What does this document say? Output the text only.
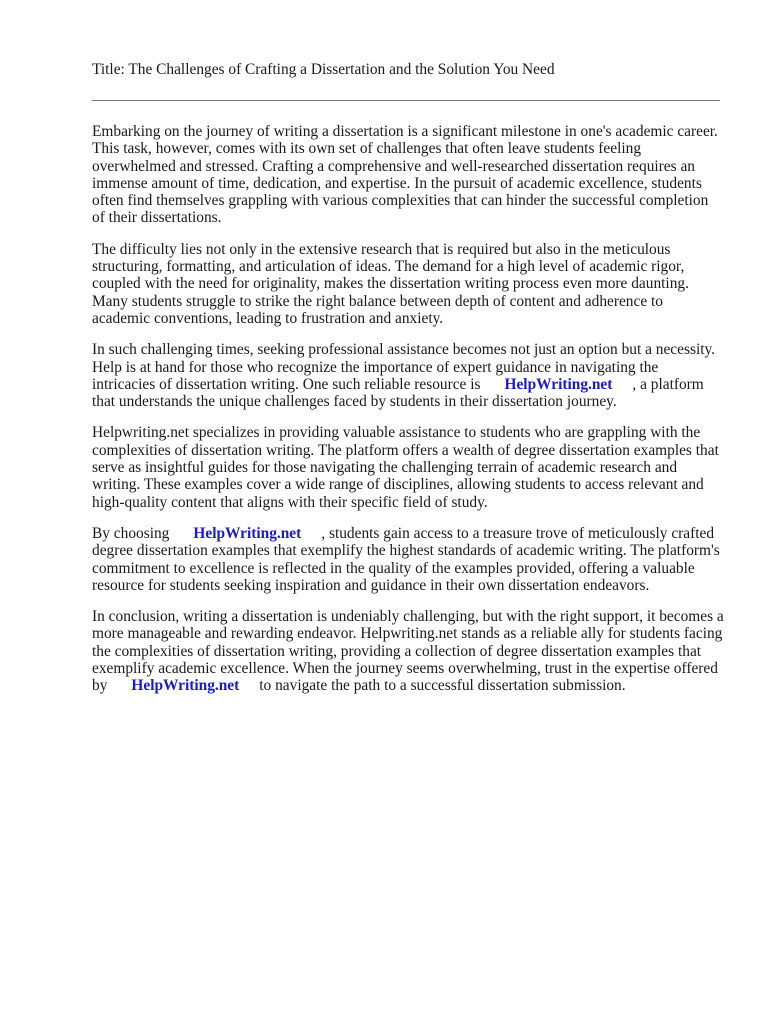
Title: The Challenges of Crafting a Dissertation and the Solution You Need

Embarking on the journey of writing a dissertation is a significant milestone in one's academic career. This task, however, comes with its own set of challenges that often leave students feeling overwhelmed and stressed. Crafting a comprehensive and well-researched dissertation requires an immense amount of time, dedication, and expertise. In the pursuit of academic excellence, students often find themselves grappling with various complexities that can hinder the successful completion of their dissertations.

The difficulty lies not only in the extensive research that is required but also in the meticulous structuring, formatting, and articulation of ideas. The demand for a high level of academic rigor, coupled with the need for originality, makes the dissertation writing process even more daunting. Many students struggle to strike the right balance between depth of content and adherence to academic conventions, leading to frustration and anxiety.

In such challenging times, seeking professional assistance becomes not just an option but a necessity. Help is at hand for those who recognize the importance of expert guidance in navigating the intricacies of dissertation writing. One such reliable resource is HelpWriting.net , a platform that understands the unique challenges faced by students in their dissertation journey.

Helpwriting.net specializes in providing valuable assistance to students who are grappling with the complexities of dissertation writing. The platform offers a wealth of degree dissertation examples that serve as insightful guides for those navigating the challenging terrain of academic research and writing. These examples cover a wide range of disciplines, allowing students to access relevant and high-quality content that aligns with their specific field of study.

By choosing HelpWriting.net , students gain access to a treasure trove of meticulously crafted degree dissertation examples that exemplify the highest standards of academic writing. The platform's commitment to excellence is reflected in the quality of the examples provided, offering a valuable resource for students seeking inspiration and guidance in their own dissertation endeavors.

In conclusion, writing a dissertation is undeniably challenging, but with the right support, it becomes a more manageable and rewarding endeavor. Helpwriting.net stands as a reliable ally for students facing the complexities of dissertation writing, providing a collection of degree dissertation examples that exemplify academic excellence. When the journey seems overwhelming, trust in the expertise offered by HelpWriting.net to navigate the path to a successful dissertation submission.
